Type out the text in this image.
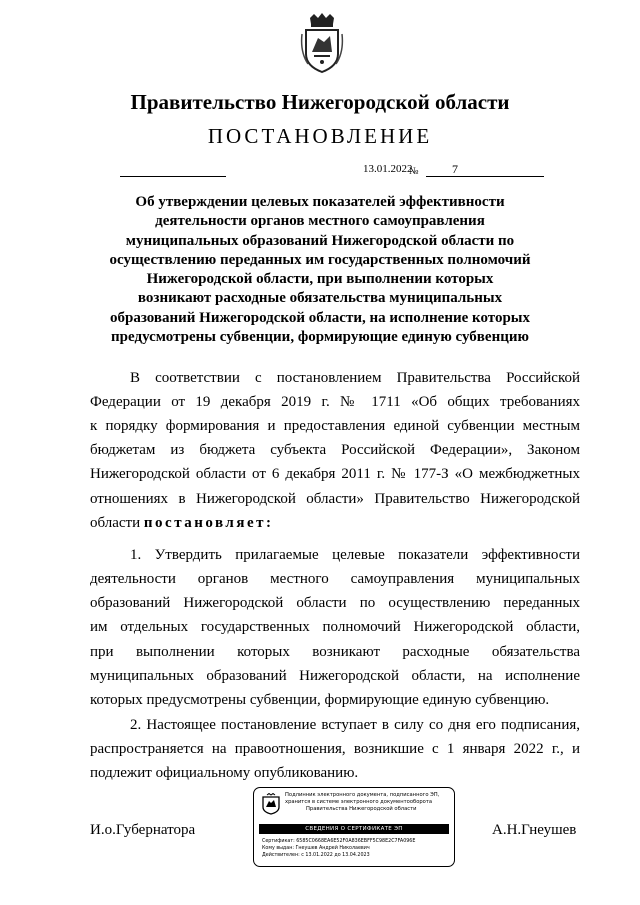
Правительство Нижегородской области
ПОСТАНОВЛЕНИЕ
13.01.2022
№	7
Об утверждении целевых показателей эффективности
деятельности органов местного самоуправления
муниципальных образований Нижегородской области по
осуществлению переданных им государственных полномочий
Нижегородской области, при выполнении которых
возникают расходные обязательства муниципальных
образований Нижегородской области, на исполнение которых
предусмотрены субвенции, формирующие единую субвенцию
В соответствии с постановлением Правительства Российской
Федерации от 19 декабря 2019 г. № 1711 «Об общих требованиях
к порядку формирования и предоставления единой субвенции местным
бюджетам из бюджета субъекта Российской Федерации», Законом
Нижегородской области от 6 декабря 2011 г. № 177-З «О межбюджетных
отношениях в Нижегородской области» Правительство Нижегородской
области постановляет:
1. Утвердить прилагаемые целевые показатели эффективности
деятельности органов местного самоуправления муниципальных
образований Нижегородской области по осуществлению переданных
им отдельных государственных полномочий Нижегородской области,
при выполнении которых возникают расходные обязательства
муниципальных образований Нижегородской области, на исполнение
которых предусмотрены субвенции, формирующие единую субвенцию.
2. Настоящее постановление вступает в силу со дня его подписания,
распространяется на правоотношения, возникшие с 1 января 2022 г., и
подлежит официальному опубликованию.
И.о.Губернатора	А.Н.Гнеушев
Подлинник электронного документа, подписанного ЭП,
хранится в системе электронного документооборота
Правительства Нижегородской области
СВЕДЕНИЯ О СЕРТИФИКАТЕ ЭП
Сертификат: 6585C0668EA6E52F0A836EBFF5C98E2C7FA096E
Кому выдан: Гнеушев Андрей Николаевич
Действителен: с 13.01.2022 до 13.04.2023
